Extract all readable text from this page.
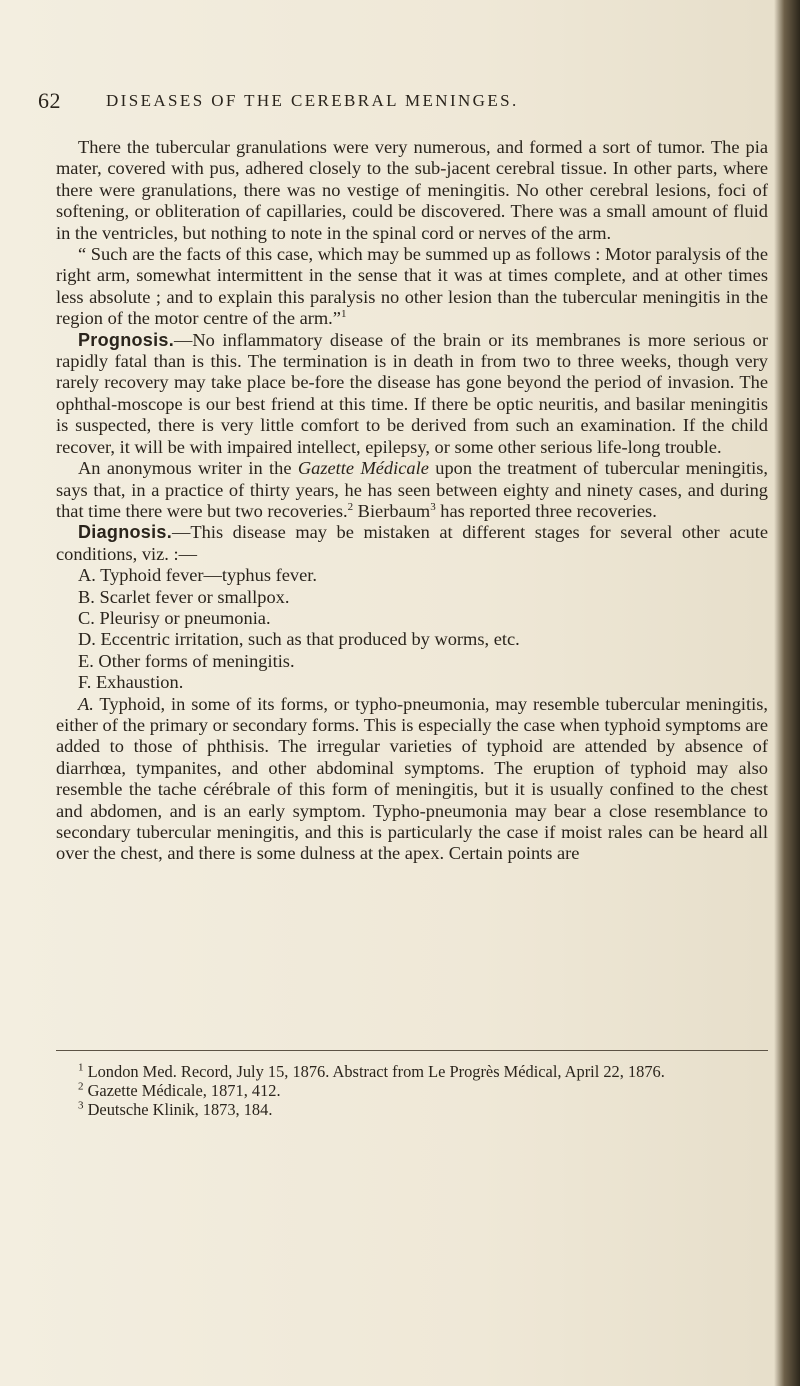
62	DISEASES OF THE CEREBRAL MENINGES.

There the tubercular granulations were very numerous, and formed a sort of tumor. The pia mater, covered with pus, adhered closely to the sub-jacent cerebral tissue. In other parts, where there were granulations, there was no vestige of meningitis. No other cerebral lesions, foci of softening, or obliteration of capillaries, could be discovered. There was a small amount of fluid in the ventricles, but nothing to note in the spinal cord or nerves of the arm.

“ Such are the facts of this case, which may be summed up as follows : Motor paralysis of the right arm, somewhat intermittent in the sense that it was at times complete, and at other times less absolute ; and to explain this paralysis no other lesion than the tubercular meningitis in the region of the motor centre of the arm.”$^1$

Prognosis.—No inflammatory disease of the brain or its membranes is more serious or rapidly fatal than is this. The termination is in death in from two to three weeks, though very rarely recovery may take place be-fore the disease has gone beyond the period of invasion. The ophthal-moscope is our best friend at this time. If there be optic neuritis, and basilar meningitis is suspected, there is very little comfort to be derived from such an examination. If the child recover, it will be with impaired intellect, epilepsy, or some other serious life-long trouble.

An anonymous writer in the Gazette Médicale upon the treatment of tubercular meningitis, says that, in a practice of thirty years, he has seen between eighty and ninety cases, and during that time there were but two recoveries.$^2$ Bierbaum$^3$ has reported three recoveries.

Diagnosis.—This disease may be mistaken at different stages for several other acute conditions, viz. :—

A. Typhoid fever—typhus fever.
B. Scarlet fever or smallpox.
C. Pleurisy or pneumonia.
D. Eccentric irritation, such as that produced by worms, etc.
E. Other forms of meningitis.
F. Exhaustion.

A. Typhoid, in some of its forms, or typho-pneumonia, may resemble tubercular meningitis, either of the primary or secondary forms. This is especially the case when typhoid symptoms are added to those of phthisis. The irregular varieties of typhoid are attended by absence of diarrhœa, tympanites, and other abdominal symptoms. The eruption of typhoid may also resemble the tache cérébrale of this form of meningitis, but it is usually confined to the chest and abdomen, and is an early symptom. Typho-pneumonia may bear a close resemblance to secondary tubercular meningitis, and this is particularly the case if moist rales can be heard all over the chest, and there is some dulness at the apex. Certain points are

$^1$ London Med. Record, July 15, 1876. Abstract from Le Progrès Médical, April 22, 1876.

$^2$ Gazette Médicale, 1871, 412.

$^3$ Deutsche Klinik, 1873, 184.
